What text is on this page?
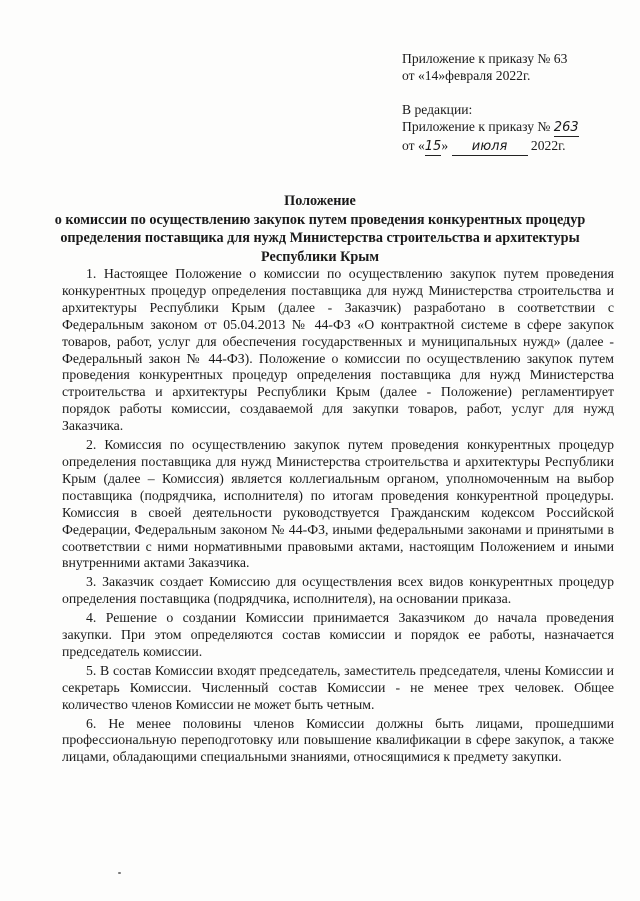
Приложение к приказу № 63
от «14»февраля 2022г.
В редакции:
Приложение к приказу № 263
от «15» июля 2022г.
Положение
о комиссии по осуществлению закупок путем проведения конкурентных процедур определения поставщика для нужд Министерства строительства и архитектуры Республики Крым

1. Настоящее Положение о комиссии по осуществлению закупок путем проведения конкурентных процедур определения поставщика для нужд Министерства строительства и архитектуры Республики Крым (далее - Заказчик) разработано в соответствии с Федеральным законом от 05.04.2013 № 44-ФЗ «О контрактной системе в сфере закупок товаров, работ, услуг для обеспечения государственных и муниципальных нужд» (далее - Федеральный закон № 44-ФЗ). Положение о комиссии по осуществлению закупок путем проведения конкурентных процедур определения поставщика для нужд Министерства строительства и архитектуры Республики Крым (далее - Положение) регламентирует порядок работы комиссии, создаваемой для закупки товаров, работ, услуг для нужд Заказчика.

2. Комиссия по осуществлению закупок путем проведения конкурентных процедур определения поставщика для нужд Министерства строительства и архитектуры Республики Крым (далее – Комиссия) является коллегиальным органом, уполномоченным на выбор поставщика (подрядчика, исполнителя) по итогам проведения конкурентной процедуры. Комиссия в своей деятельности руководствуется Гражданским кодексом Российской Федерации, Федеральным законом № 44-ФЗ, иными федеральными законами и принятыми в соответствии с ними нормативными правовыми актами, настоящим Положением и иными внутренними актами Заказчика.

3. Заказчик создает Комиссию для осуществления всех видов конкурентных процедур определения поставщика (подрядчика, исполнителя), на основании приказа.

4. Решение о создании Комиссии принимается Заказчиком до начала проведения закупки. При этом определяются состав комиссии и порядок ее работы, назначается председатель комиссии.

5. В состав Комиссии входят председатель, заместитель председателя, члены Комиссии и секретарь Комиссии. Численный состав Комиссии - не менее трех человек. Общее количество членов Комиссии не может быть четным.

6. Не менее половины членов Комиссии должны быть лицами, прошедшими профессиональную переподготовку или повышение квалификации в сфере закупок, а также лицами, обладающими специальными знаниями, относящимися к предмету закупки.
